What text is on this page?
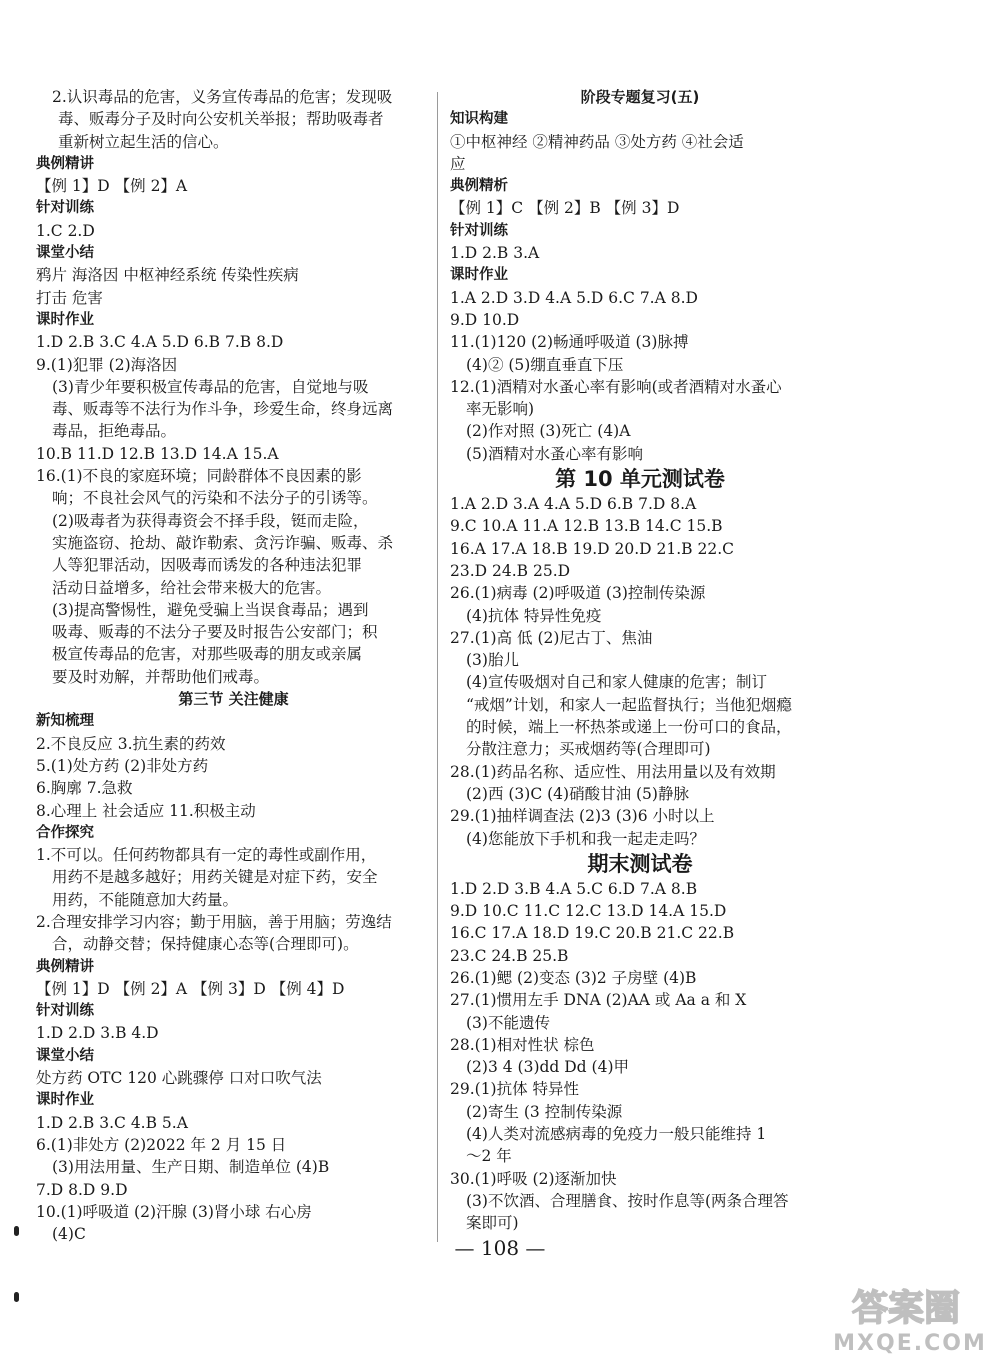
2.认识毒品的危害，义务宣传毒品的危害；发现吸
毒、贩毒分子及时向公安机关举报；帮助吸毒者
重新树立起生活的信心。
典例精讲
【例 1】D 【例 2】A
针对训练
1.C 2.D
课堂小结
鸦片 海洛因 中枢神经系统 传染性疾病
打击 危害
课时作业
1.D 2.B 3.C 4.A 5.D 6.B 7.B 8.D
9.(1)犯罪 (2)海洛因
(3)青少年要积极宣传毒品的危害，自觉地与吸
毒、贩毒等不法行为作斗争，珍爱生命，终身远离
毒品，拒绝毒品。
10.B 11.D 12.B 13.D 14.A 15.A
16.(1)不良的家庭环境；同龄群体不良因素的影
响；不良社会风气的污染和不法分子的引诱等。
(2)吸毒者为获得毒资会不择手段，铤而走险，
实施盗窃、抢劫、敲诈勒索、贪污诈骗、贩毒、杀
人等犯罪活动，因吸毒而诱发的各种违法犯罪
活动日益增多，给社会带来极大的危害。
(3)提高警惕性，避免受骗上当误食毒品；遇到
吸毒、贩毒的不法分子要及时报告公安部门；积
极宣传毒品的危害，对那些吸毒的朋友或亲属
要及时劝解，并帮助他们戒毒。
第三节 关注健康
新知梳理
2.不良反应 3.抗生素的药效
5.(1)处方药 (2)非处方药
6.胸廓 7.急救
8.心理上 社会适应 11.积极主动
合作探究
1.不可以。任何药物都具有一定的毒性或副作用，
用药不是越多越好；用药关键是对症下药，安全
用药，不能随意加大药量。
2.合理安排学习内容；勤于用脑，善于用脑；劳逸结
合，动静交替；保持健康心态等(合理即可)。
典例精讲
【例 1】D 【例 2】A 【例 3】D 【例 4】D
针对训练
1.D 2.D 3.B 4.D
课堂小结
处方药 OTC 120 心跳骤停 口对口吹气法
课时作业
1.D 2.B 3.C 4.B 5.A
6.(1)非处方 (2)2022 年 2 月 15 日
(3)用法用量、生产日期、制造单位 (4)B
7.D 8.D 9.D
10.(1)呼吸道 (2)汗腺 (3)肾小球 右心房
(4)C
阶段专题复习(五)
知识构建
①中枢神经 ②精神药品 ③处方药 ④社会适
应
典例精析
【例 1】C 【例 2】B 【例 3】D
针对训练
1.D 2.B 3.A
课时作业
1.A 2.D 3.D 4.A 5.D 6.C 7.A 8.D
9.D 10.D
11.(1)120 (2)畅通呼吸道 (3)脉搏
(4)② (5)绷直垂直下压
12.(1)酒精对水蚤心率有影响(或者酒精对水蚤心
率无影响)
(2)作对照 (3)死亡 (4)A
(5)酒精对水蚤心率有影响
第 10 单元测试卷
1.A 2.D 3.A 4.A 5.D 6.B 7.D 8.A
9.C 10.A 11.A 12.B 13.B 14.C 15.B
16.A 17.A 18.B 19.D 20.D 21.B 22.C
23.D 24.B 25.D
26.(1)病毒 (2)呼吸道 (3)控制传染源
(4)抗体 特异性免疫
27.(1)高 低 (2)尼古丁、焦油
(3)胎儿
(4)宣传吸烟对自己和家人健康的危害；制订
“戒烟”计划，和家人一起监督执行；当他犯烟瘾
的时候，端上一杯热茶或递上一份可口的食品，
分散注意力；买戒烟药等(合理即可)
28.(1)药品名称、适应性、用法用量以及有效期
(2)西 (3)C (4)硝酸甘油 (5)静脉
29.(1)抽样调查法 (2)3 (3)6 小时以上
(4)您能放下手机和我一起走走吗？
期末测试卷
1.D 2.D 3.B 4.A 5.C 6.D 7.A 8.B
9.D 10.C 11.C 12.C 13.D 14.A 15.D
16.C 17.A 18.D 19.C 20.B 21.C 22.B
23.C 24.B 25.B
26.(1)鳃 (2)变态 (3)2 子房壁 (4)B
27.(1)惯用左手 DNA (2)AA 或 Aa a 和 X
(3)不能遗传
28.(1)相对性状 棕色
(2)3 4 (3)dd Dd (4)甲
29.(1)抗体 特异性
(2)寄生 (3 控制传染源
(4)人类对流感病毒的免疫力一般只能维持 1
～2 年
30.(1)呼吸 (2)逐渐加快
(3)不饮酒、合理膳食、按时作息等(两条合理答
案即可)
— 108 —
答案圈
MXQE.COM
